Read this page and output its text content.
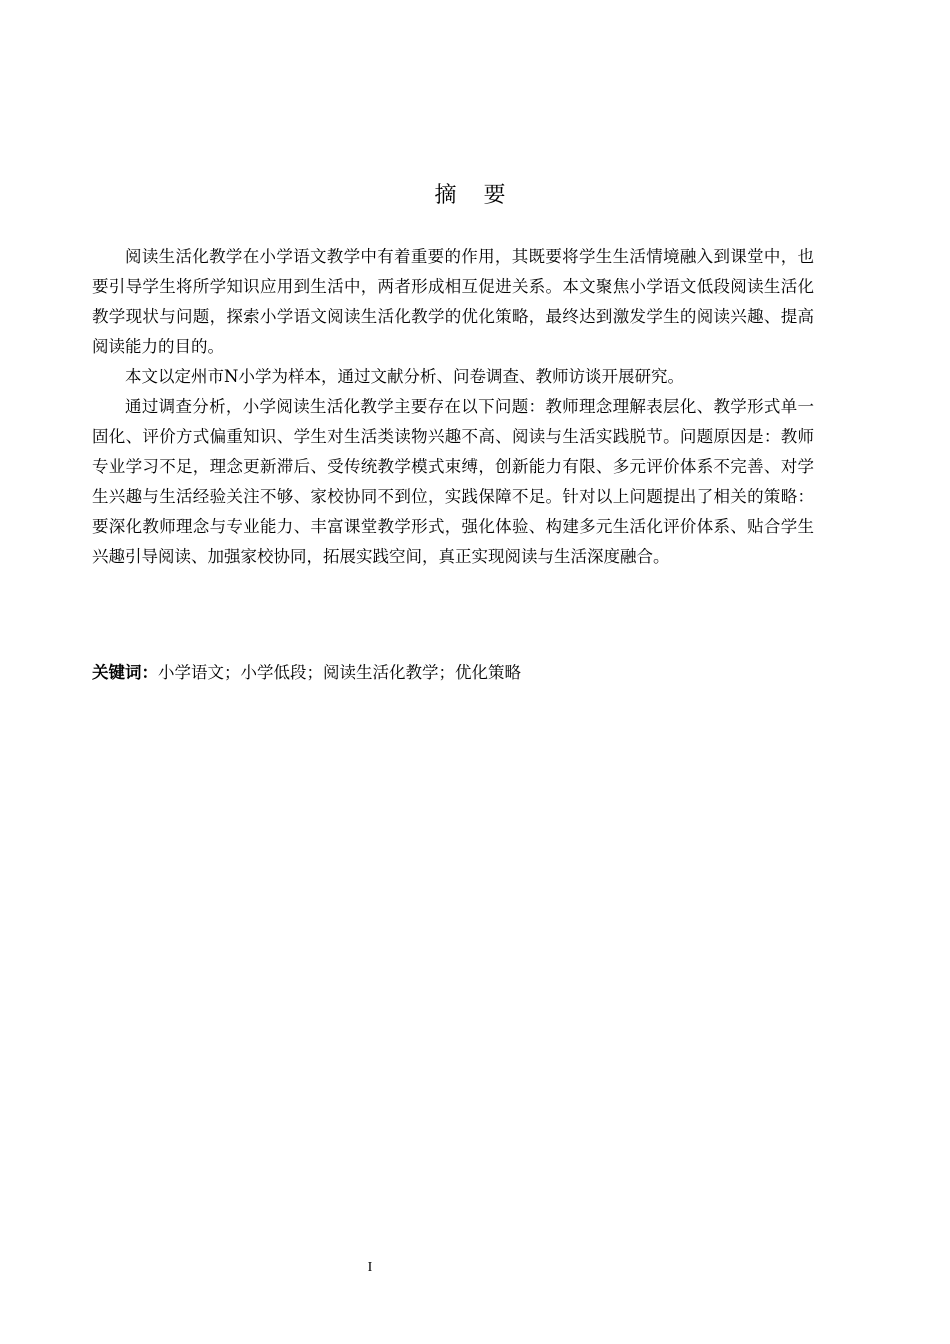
摘 要

阅读生活化教学在小学语文教学中有着重要的作用，其既要将学生生活情境融入到课堂中，也要引导学生将所学知识应用到生活中，两者形成相互促进关系。本文聚焦小学语文低段阅读生活化教学现状与问题，探索小学语文阅读生活化教学的优化策略，最终达到激发学生的阅读兴趣、提高阅读能力的目的。

本文以定州市N小学为样本，通过文献分析、问卷调查、教师访谈开展研究。

通过调查分析，小学阅读生活化教学主要存在以下问题：教师理念理解表层化、教学形式单一固化、评价方式偏重知识、学生对生活类读物兴趣不高、阅读与生活实践脱节。问题原因是：教师专业学习不足，理念更新滞后、受传统教学模式束缚，创新能力有限、多元评价体系不完善、对学生兴趣与生活经验关注不够、家校协同不到位，实践保障不足。针对以上问题提出了相关的策略：要深化教师理念与专业能力、丰富课堂教学形式，强化体验、构建多元生活化评价体系、贴合学生兴趣引导阅读、加强家校协同，拓展实践空间，真正实现阅读与生活深度融合。

关键词：小学语文；小学低段；阅读生活化教学；优化策略
I
